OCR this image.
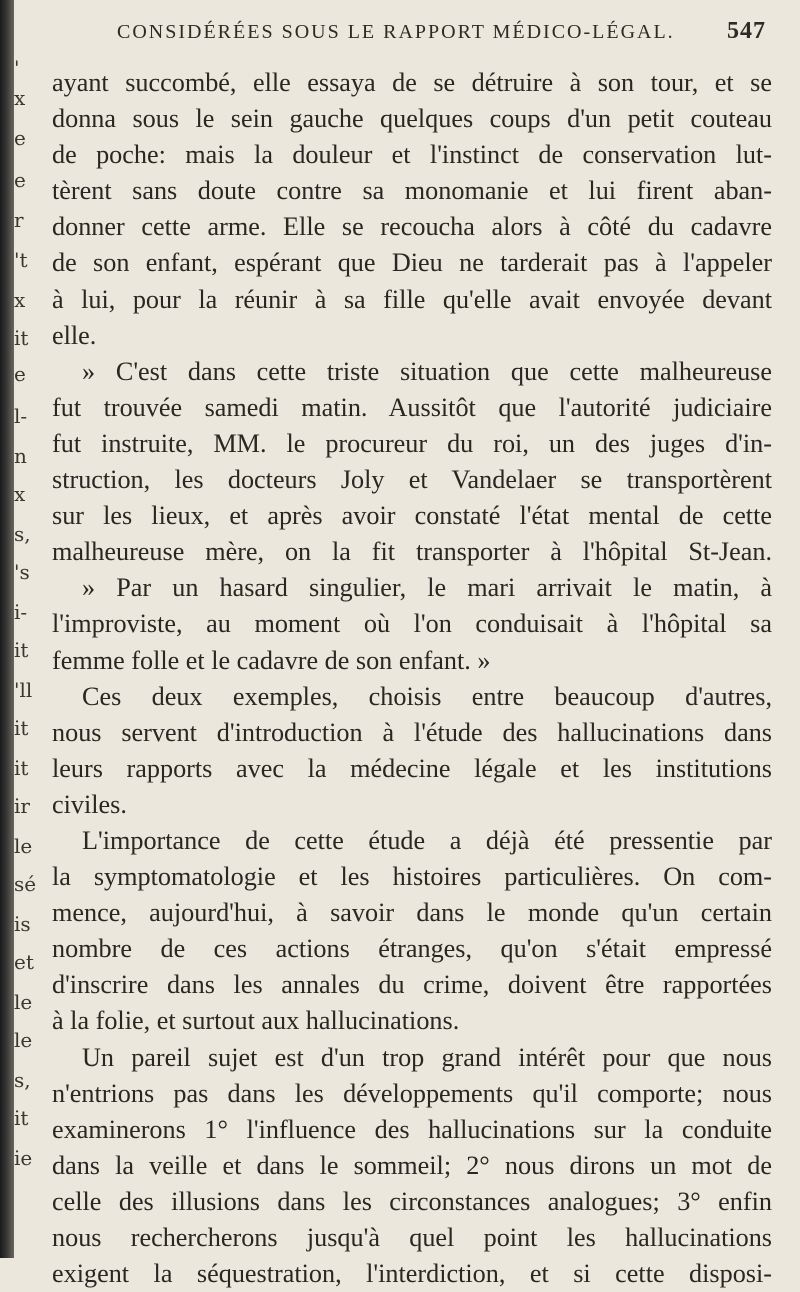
'
x
e
e
r
't
x
it
e
l-
n
x
s,
's
i-
it
'll
it
it
ir
le
sé
is
et
le
le
s,
it
ie
CONSIDÉRÉES SOUS LE RAPPORT MÉDICO-LÉGAL. 547
ayant succombé, elle essaya de se détruire à son tour, et se
donna sous le sein gauche quelques coups d'un petit couteau
de poche: mais la douleur et l'instinct de conservation lut-
tèrent sans doute contre sa monomanie et lui firent aban-
donner cette arme. Elle se recoucha alors à côté du cadavre
de son enfant, espérant que Dieu ne tarderait pas à l'appeler
à lui, pour la réunir à sa fille qu'elle avait envoyée devant
elle.
» C'est dans cette triste situation que cette malheureuse
fut trouvée samedi matin. Aussitôt que l'autorité judiciaire
fut instruite, MM. le procureur du roi, un des juges d'in-
struction, les docteurs Joly et Vandelaer se transportèrent
sur les lieux, et après avoir constaté l'état mental de cette
malheureuse mère, on la fit transporter à l'hôpital St-Jean.
» Par un hasard singulier, le mari arrivait le matin, à
l'improviste, au moment où l'on conduisait à l'hôpital sa
femme folle et le cadavre de son enfant. »
Ces deux exemples, choisis entre beaucoup d'autres,
nous servent d'introduction à l'étude des hallucinations dans
leurs rapports avec la médecine légale et les institutions
civiles.
L'importance de cette étude a déjà été pressentie par
la symptomatologie et les histoires particulières. On com-
mence, aujourd'hui, à savoir dans le monde qu'un certain
nombre de ces actions étranges, qu'on s'était empressé
d'inscrire dans les annales du crime, doivent être rapportées
à la folie, et surtout aux hallucinations.
Un pareil sujet est d'un trop grand intérêt pour que nous
n'entrions pas dans les développements qu'il comporte; nous
examinerons 1° l'influence des hallucinations sur la conduite
dans la veille et dans le sommeil; 2° nous dirons un mot de
celle des illusions dans les circonstances analogues; 3° enfin
nous rechercherons jusqu'à quel point les hallucinations
exigent la séquestration, l'interdiction, et si cette disposi-
